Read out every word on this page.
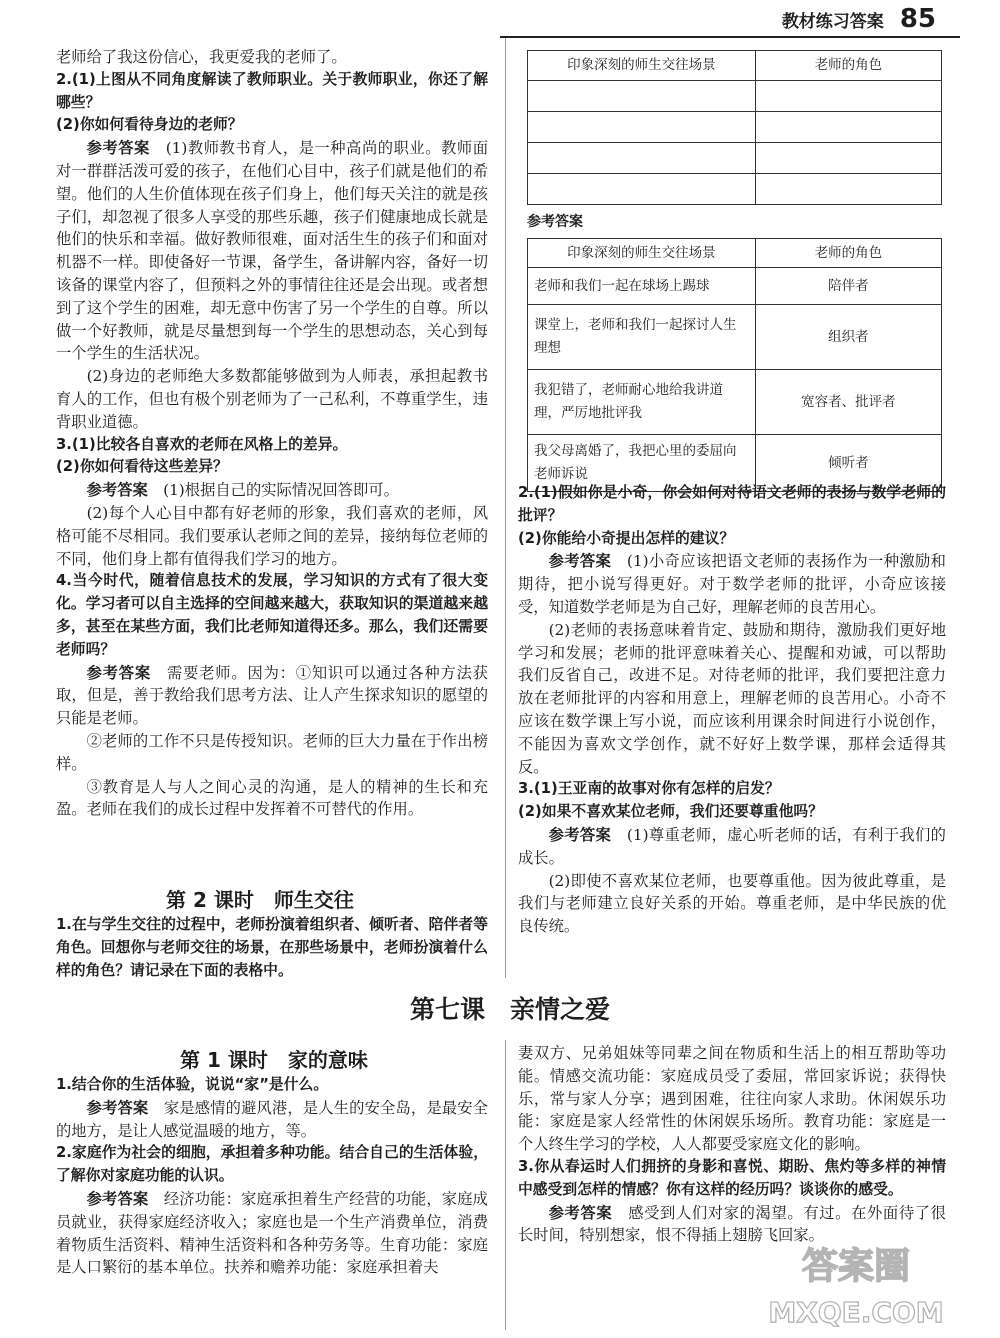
教材练习答案 85

老师给了我这份信心，我更爱我的老师了。

2.(1)上图从不同角度解读了教师职业。关于教师职业，你还了解哪些？

(2)你如何看待身边的老师？

参考答案　 (1)教师教书育人，是一种高尚的职业。教师面对一群群活泼可爱的孩子，在他们心目中，孩子们就是他们的希望。他们的人生价值体现在孩子们身上，他们每天关注的就是孩子们，却忽视了很多人享受的那些乐趣，孩子们健康地成长就是他们的快乐和幸福。做好教师很难，面对活生生的孩子们和面对机器不一样。即使备好一节课，备学生，备讲解内容，备好一切该备的课堂内容了，但预料之外的事情往往还是会出现。或者想到了这个学生的困难，却无意中伤害了另一个学生的自尊。所以做一个好教师，就是尽量想到每一个学生的思想动态，关心到每一个学生的生活状况。

(2)身边的老师绝大多数都能够做到为人师表，承担起教书育人的工作，但也有极个别老师为了一己私利，不尊重学生，违背职业道德。

3.(1)比较各自喜欢的老师在风格上的差异。

(2)你如何看待这些差异？

参考答案　 (1)根据自己的实际情况回答即可。

(2)每个人心目中都有好老师的形象，我们喜欢的老师，风格可能不尽相同。我们要承认老师之间的差异，接纳每位老师的不同，他们身上都有值得我们学习的地方。

4.当今时代，随着信息技术的发展，学习知识的方式有了很大变化。学习者可以自主选择的空间越来越大，获取知识的渠道越来越多，甚至在某些方面，我们比老师知道得还多。那么，我们还需要老师吗？

参考答案　 需要老师。因为：①知识可以通过各种方法获取，但是，善于教给我们思考方法、让人产生探求知识的愿望的只能是老师。

②老师的工作不只是传授知识。老师的巨大力量在于作出榜样。

③教育是人与人之间心灵的沟通，是人的精神的生长和充盈。老师在我们的成长过程中发挥着不可替代的作用。

第 2 课时　师生交往

1.在与学生交往的过程中，老师扮演着组织者、倾听者、陪伴者等角色。回想你与老师交往的场景，在那些场景中，老师扮演着什么样的角色？请记录在下面的表格中。

印象深刻的师生交往场景	老师的角色

参考答案
印象深刻的师生交往场景	老师的角色
老师和我们一起在球场上踢球	陪伴者
课堂上，老师和我们一起探讨人生理想	组织者
我犯错了，老师耐心地给我讲道理，严厉地批评我	宽容者、批评者
我父母离婚了，我把心里的委屈向老师诉说	倾听者

2.(1)假如你是小奇，你会如何对待语文老师的表扬与数学老师的批评？

(2)你能给小奇提出怎样的建议？

参考答案　 (1)小奇应该把语文老师的表扬作为一种激励和期待，把小说写得更好。对于数学老师的批评，小奇应该接受，知道数学老师是为自己好，理解老师的良苦用心。

(2)老师的表扬意味着肯定、鼓励和期待，激励我们更好地学习和发展；老师的批评意味着关心、提醒和劝诫，可以帮助我们反省自己，改进不足。对待老师的批评，我们要把注意力放在老师批评的内容和用意上，理解老师的良苦用心。小奇不应该在数学课上写小说，而应该利用课余时间进行小说创作，不能因为喜欢文学创作，就不好好上数学课，那样会适得其反。

3.(1)王亚南的故事对你有怎样的启发？

(2)如果不喜欢某位老师，我们还要尊重他吗？

参考答案　 (1)尊重老师，虚心听老师的话，有利于我们的成长。

(2)即使不喜欢某位老师，也要尊重他。因为彼此尊重，是我们与老师建立良好关系的开始。尊重老师，是中华民族的优良传统。

第七课　亲情之爱
第 1 课时　家的意味

1.结合你的生活体验，说说“家”是什么。

参考答案　 家是感情的避风港，是人生的安全岛，是最安全的地方，是让人感觉温暖的地方，等。

2.家庭作为社会的细胞，承担着多种功能。结合自己的生活体验，了解你对家庭功能的认识。

参考答案　 经济功能：家庭承担着生产经营的功能，家庭成员就业，获得家庭经济收入；家庭也是一个生产消费单位，消费着物质生活资料、精神生活资料和各种劳务等。生育功能：家庭是人口繁衍的基本单位。扶养和赡养功能：家庭承担着夫

妻双方、兄弟姐妹等同辈之间在物质和生活上的相互帮助等功能。情感交流功能：家庭成员受了委屈，常回家诉说；获得快乐，常与家人分享；遇到困难，往往向家人求助。休闲娱乐功能：家庭是家人经常性的休闲娱乐场所。教育功能：家庭是一个人终生学习的学校，人人都要受家庭文化的影响。

3.你从春运时人们拥挤的身影和喜悦、期盼、焦灼等多样的神情中感受到怎样的情感？你有这样的经历吗？谈谈你的感受。

参考答案　 感受到人们对家的渴望。有过。在外面待了很长时间，特别想家，恨不得插上翅膀飞回家。

答案圈
MXQE.COM
